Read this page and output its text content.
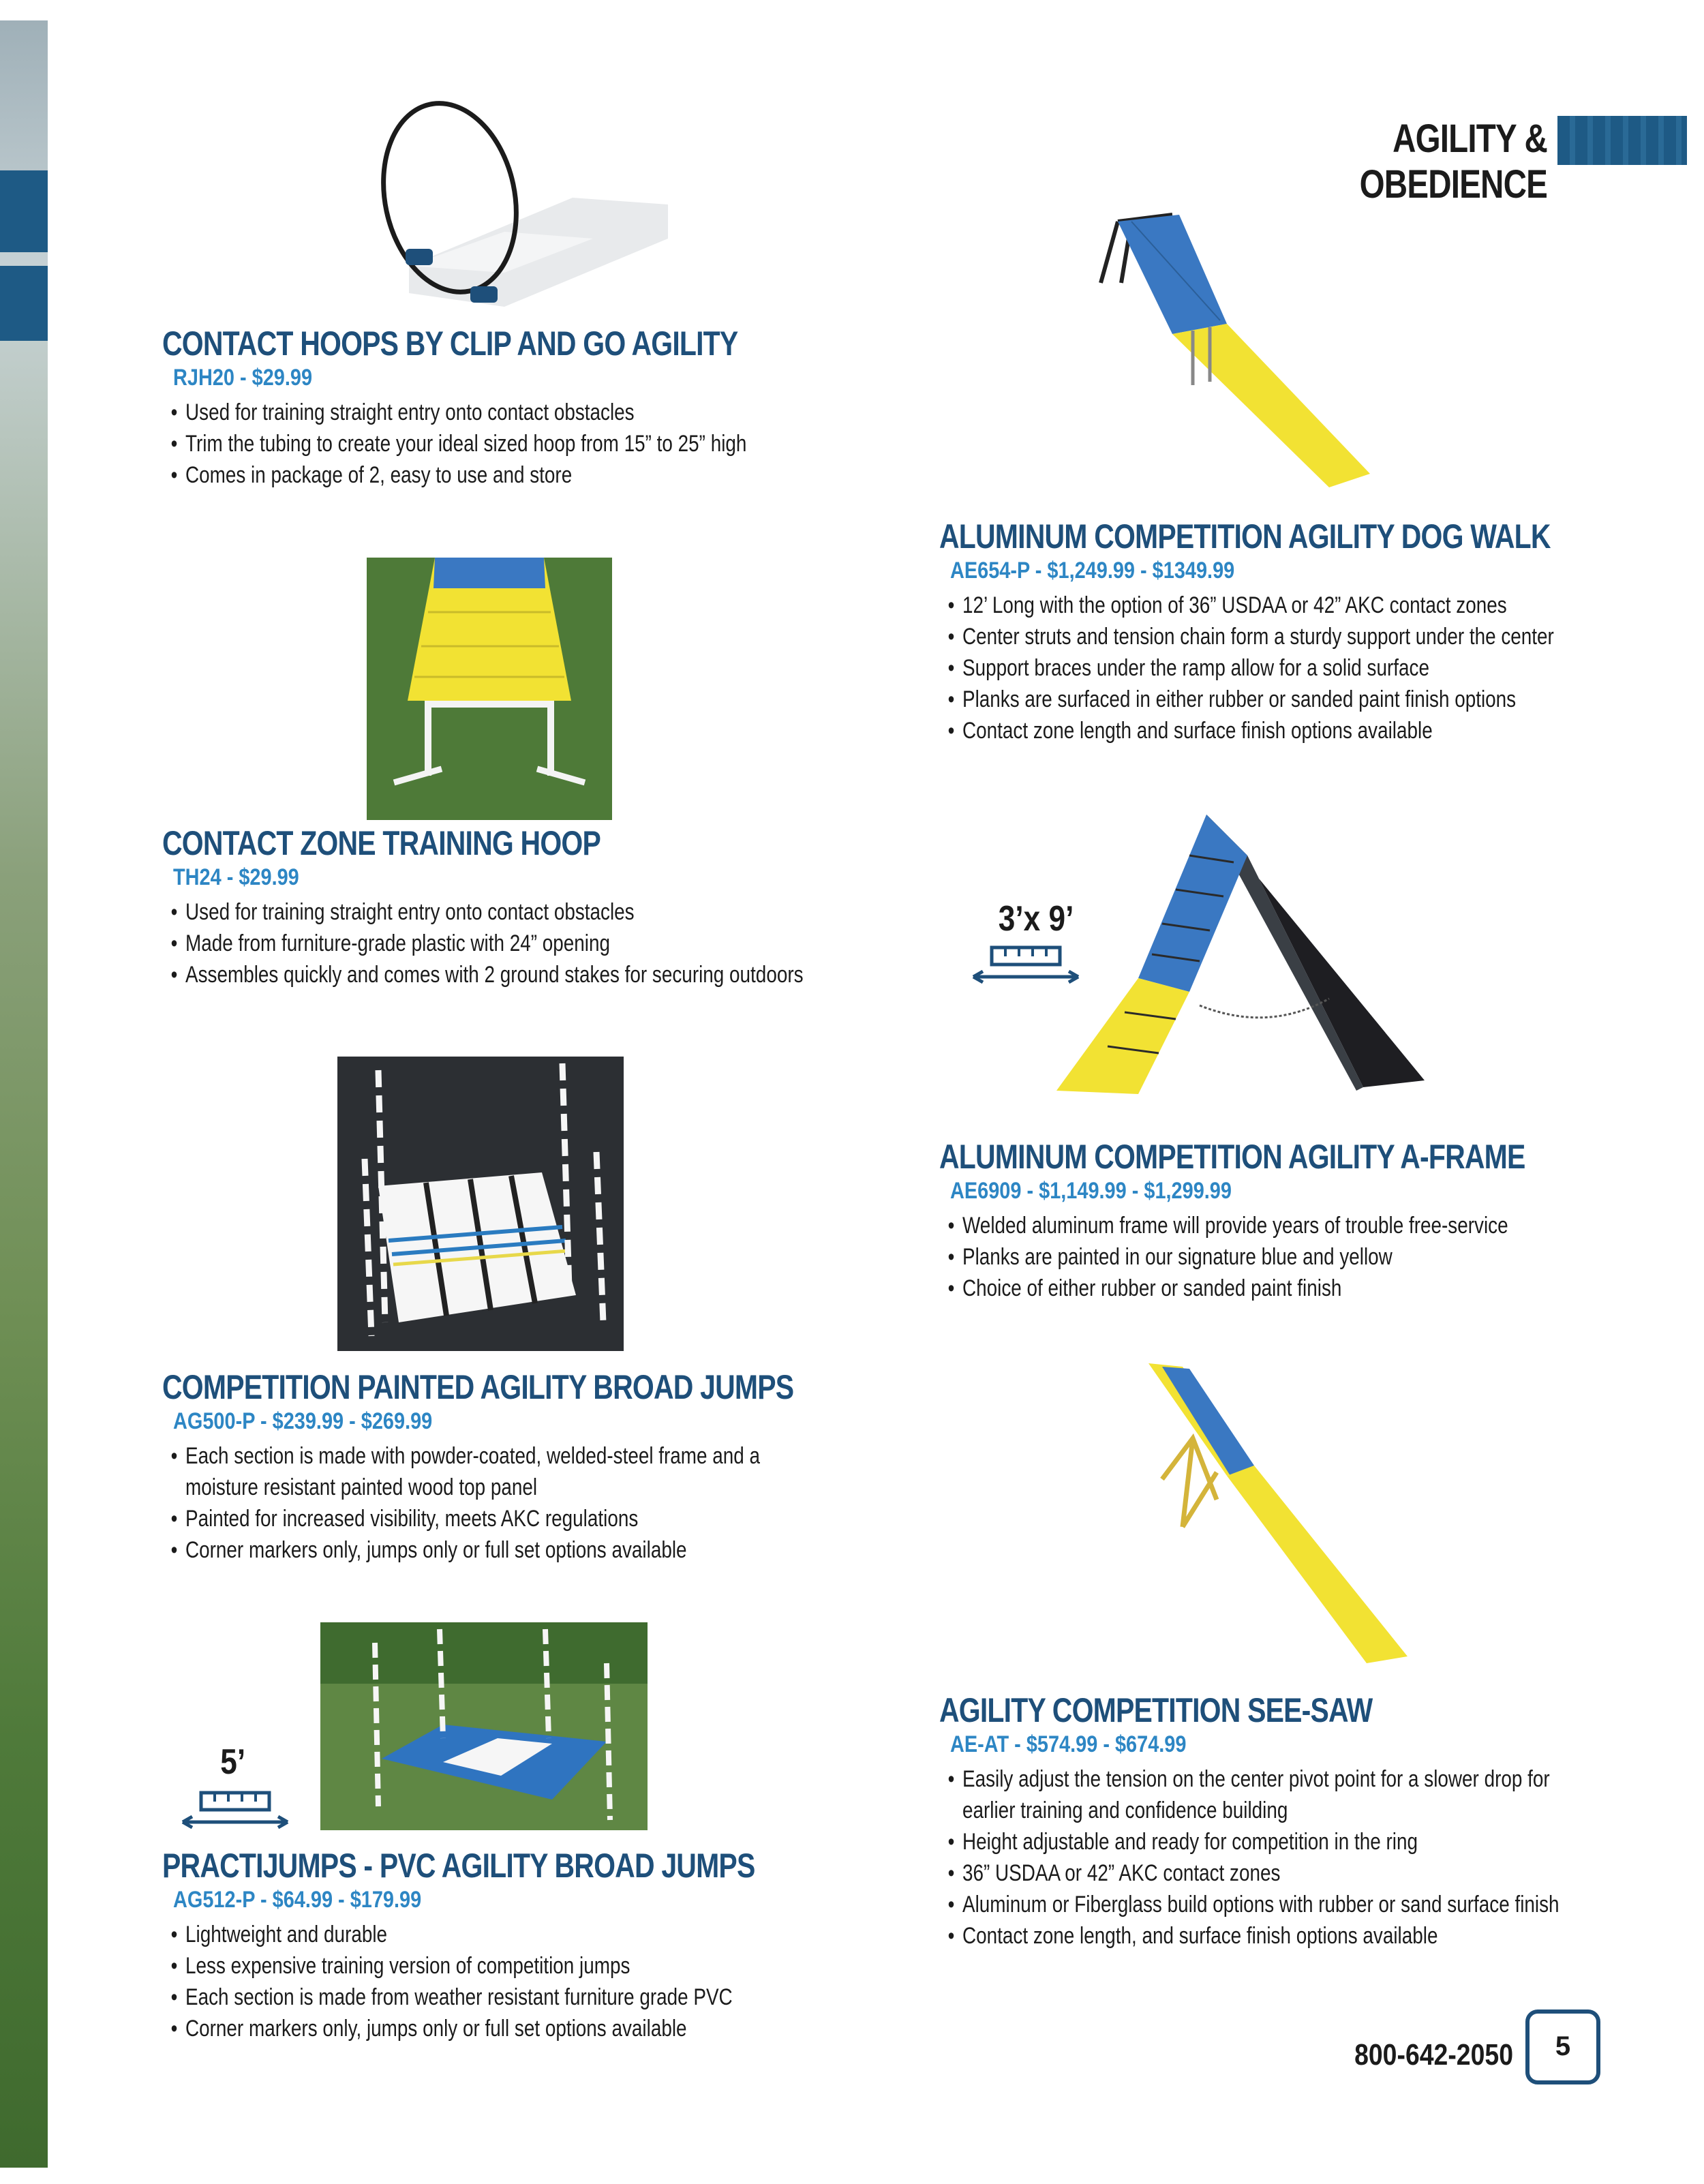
AGILITY & OBEDIENCE
CONTACT HOOPS BY CLIP AND GO AGILITY
RJH20 - $29.99
• Used for training straight entry onto contact obstacles
• Trim the tubing to create your ideal sized hoop from 15” to 25” high
• Comes in package of 2, easy to use and store
CONTACT ZONE TRAINING HOOP
TH24 - $29.99
• Used for training straight entry onto contact obstacles
• Made from furniture-grade plastic with 24” opening
• Assembles quickly and comes with 2 ground stakes for securing outdoors
COMPETITION PAINTED AGILITY BROAD JUMPS
AG500-P - $239.99 - $269.99
• Each section is made with powder-coated, welded-steel frame and a
moisture resistant painted wood top panel
• Painted for increased visibility, meets AKC regulations
• Corner markers only, jumps only or full set options available
5’
PRACTIJUMPS - PVC AGILITY BROAD JUMPS
AG512-P - $64.99 - $179.99
• Lightweight and durable
• Less expensive training version of competition jumps
• Each section is made from weather resistant furniture grade PVC
• Corner markers only, jumps only or full set options available
ALUMINUM COMPETITION AGILITY DOG WALK
AE654-P - $1,249.99 - $1349.99
• 12’ Long with the option of 36” USDAA or 42” AKC contact zones
• Center struts and tension chain form a sturdy support under the center
• Support braces under the ramp allow for a solid surface
• Planks are surfaced in either rubber or sanded paint finish options
• Contact zone length and surface finish options available
3’x 9’
ALUMINUM COMPETITION AGILITY A-FRAME
AE6909 - $1,149.99 - $1,299.99
• Welded aluminum frame will provide years of trouble free-service
• Planks are painted in our signature blue and yellow
• Choice of either rubber or sanded paint finish
AGILITY COMPETITION SEE-SAW
AE-AT - $574.99 - $674.99
• Easily adjust the tension on the center pivot point for a slower drop for
earlier training and confidence building
• Height adjustable and ready for competition in the ring
• 36” USDAA or 42” AKC contact zones
• Aluminum or Fiberglass build options with rubber or sand surface finish
• Contact zone length, and surface finish options available
800-642-2050	5
